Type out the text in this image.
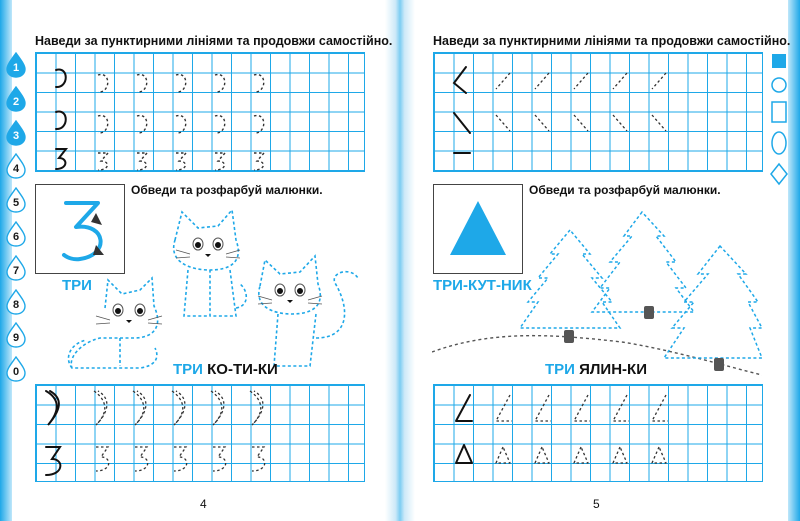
Наведи за пунктирними лініями та продовжи самостійно.
1
2
3
4
5
6
7
8
9
0
ТРИ
Обведи та розфарбуй малюнки.
ТРИ КО-ТИ-КИ
4
Наведи за пунктирними лініями та продовжи самостійно.
ТРИ-КУТ-НИК
Обведи та розфарбуй малюнки.
ТРИ ЯЛИН-КИ
5
